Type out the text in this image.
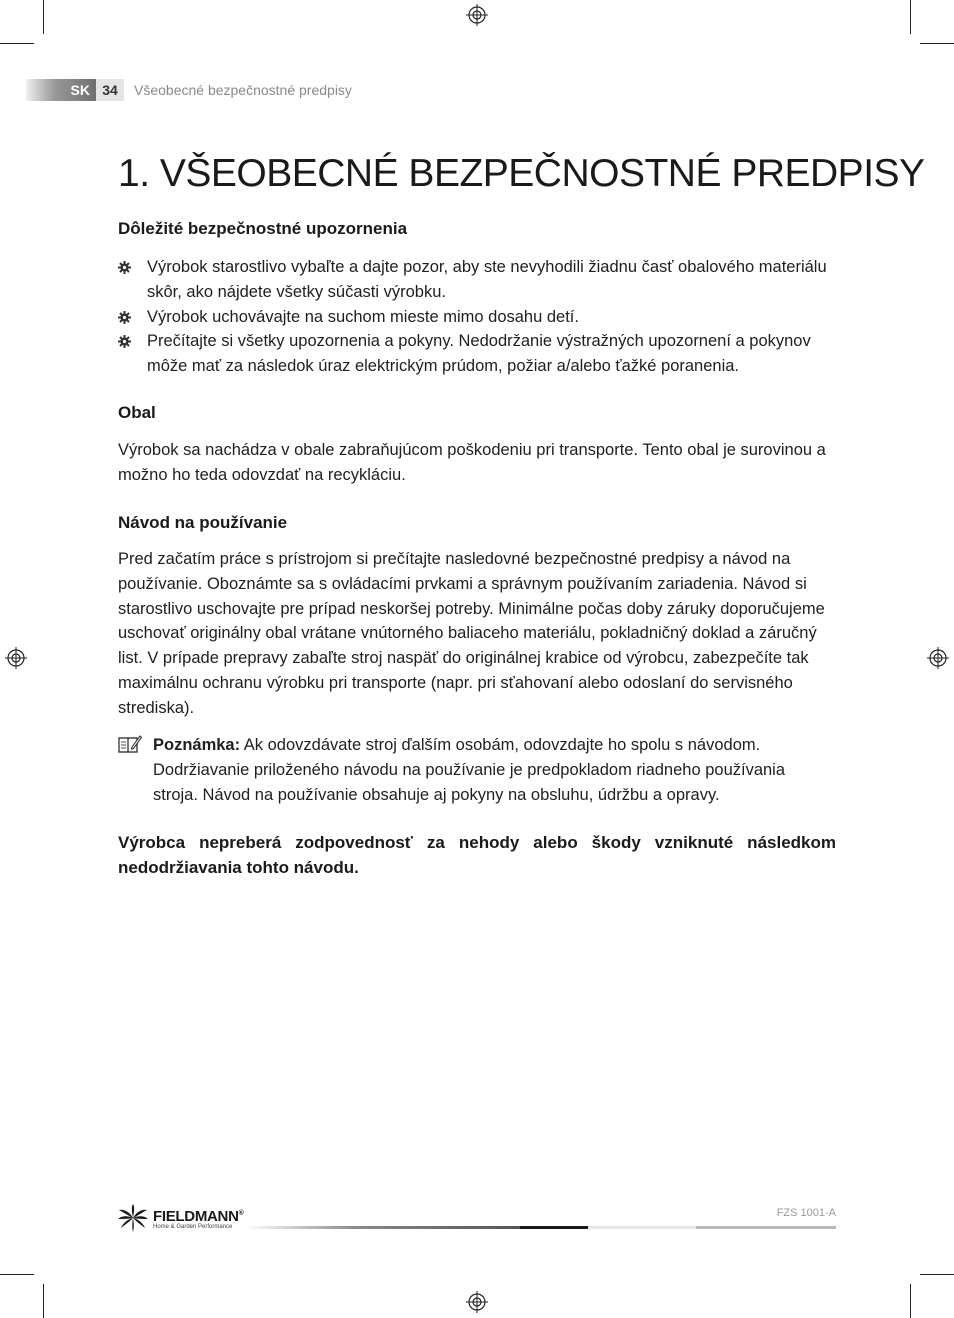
SK 34	Všeobecné bezpečnostné predpisy
1. VŠEOBECNÉ BEZPEČNOSTNÉ PREDPISY
Dôležité bezpečnostné upozornenia
Výrobok starostlivo vybaľte a dajte pozor, aby ste nevyhodili žiadnu časť obalového materiálu skôr, ako nájdete všetky súčasti výrobku.
Výrobok uchovávajte na suchom mieste mimo dosahu detí.
Prečítajte si všetky upozornenia a pokyny. Nedodržanie výstražných upozornení a pokynov môže mať za následok úraz elektrickým prúdom, požiar a/alebo ťažké poranenia.
Obal

Výrobok sa nachádza v obale zabraňujúcom poškodeniu pri transporte. Tento obal je surovinou a možno ho teda odovzdať na recykláciu.

Návod na používanie

Pred začatím práce s prístrojom si prečítajte nasledovné bezpečnostné predpisy a návod na používanie. Oboznámte sa s ovládacími prvkami a správnym používaním zariadenia. Návod si starostlivo uschovajte pre prípad neskoršej potreby. Minimálne počas doby záruky doporučujeme uschovať originálny obal vrátane vnútorného baliaceho materiálu, pokladničný doklad a záručný list. V prípade prepravy zabaľte stroj naspäť do originálnej krabice od výrobcu, zabezpečíte tak maximálnu ochranu výrobku pri transporte (napr. pri sťahovaní alebo odoslaní do servisného strediska).

Poznámka: Ak odovzdávate stroj ďalším osobám, odovzdajte ho spolu s návodom. Dodržiavanie priloženého návodu na používanie je predpokladom riadneho používania stroja. Návod na používanie obsahuje aj pokyny na obsluhu, údržbu a opravy.

Výrobca nepreberá zodpovednosť za nehody alebo škody vzniknuté následkom nedodržiavania tohto návodu.

FIELDMANN®
Home & Garden Performance
FZS 1001-A
